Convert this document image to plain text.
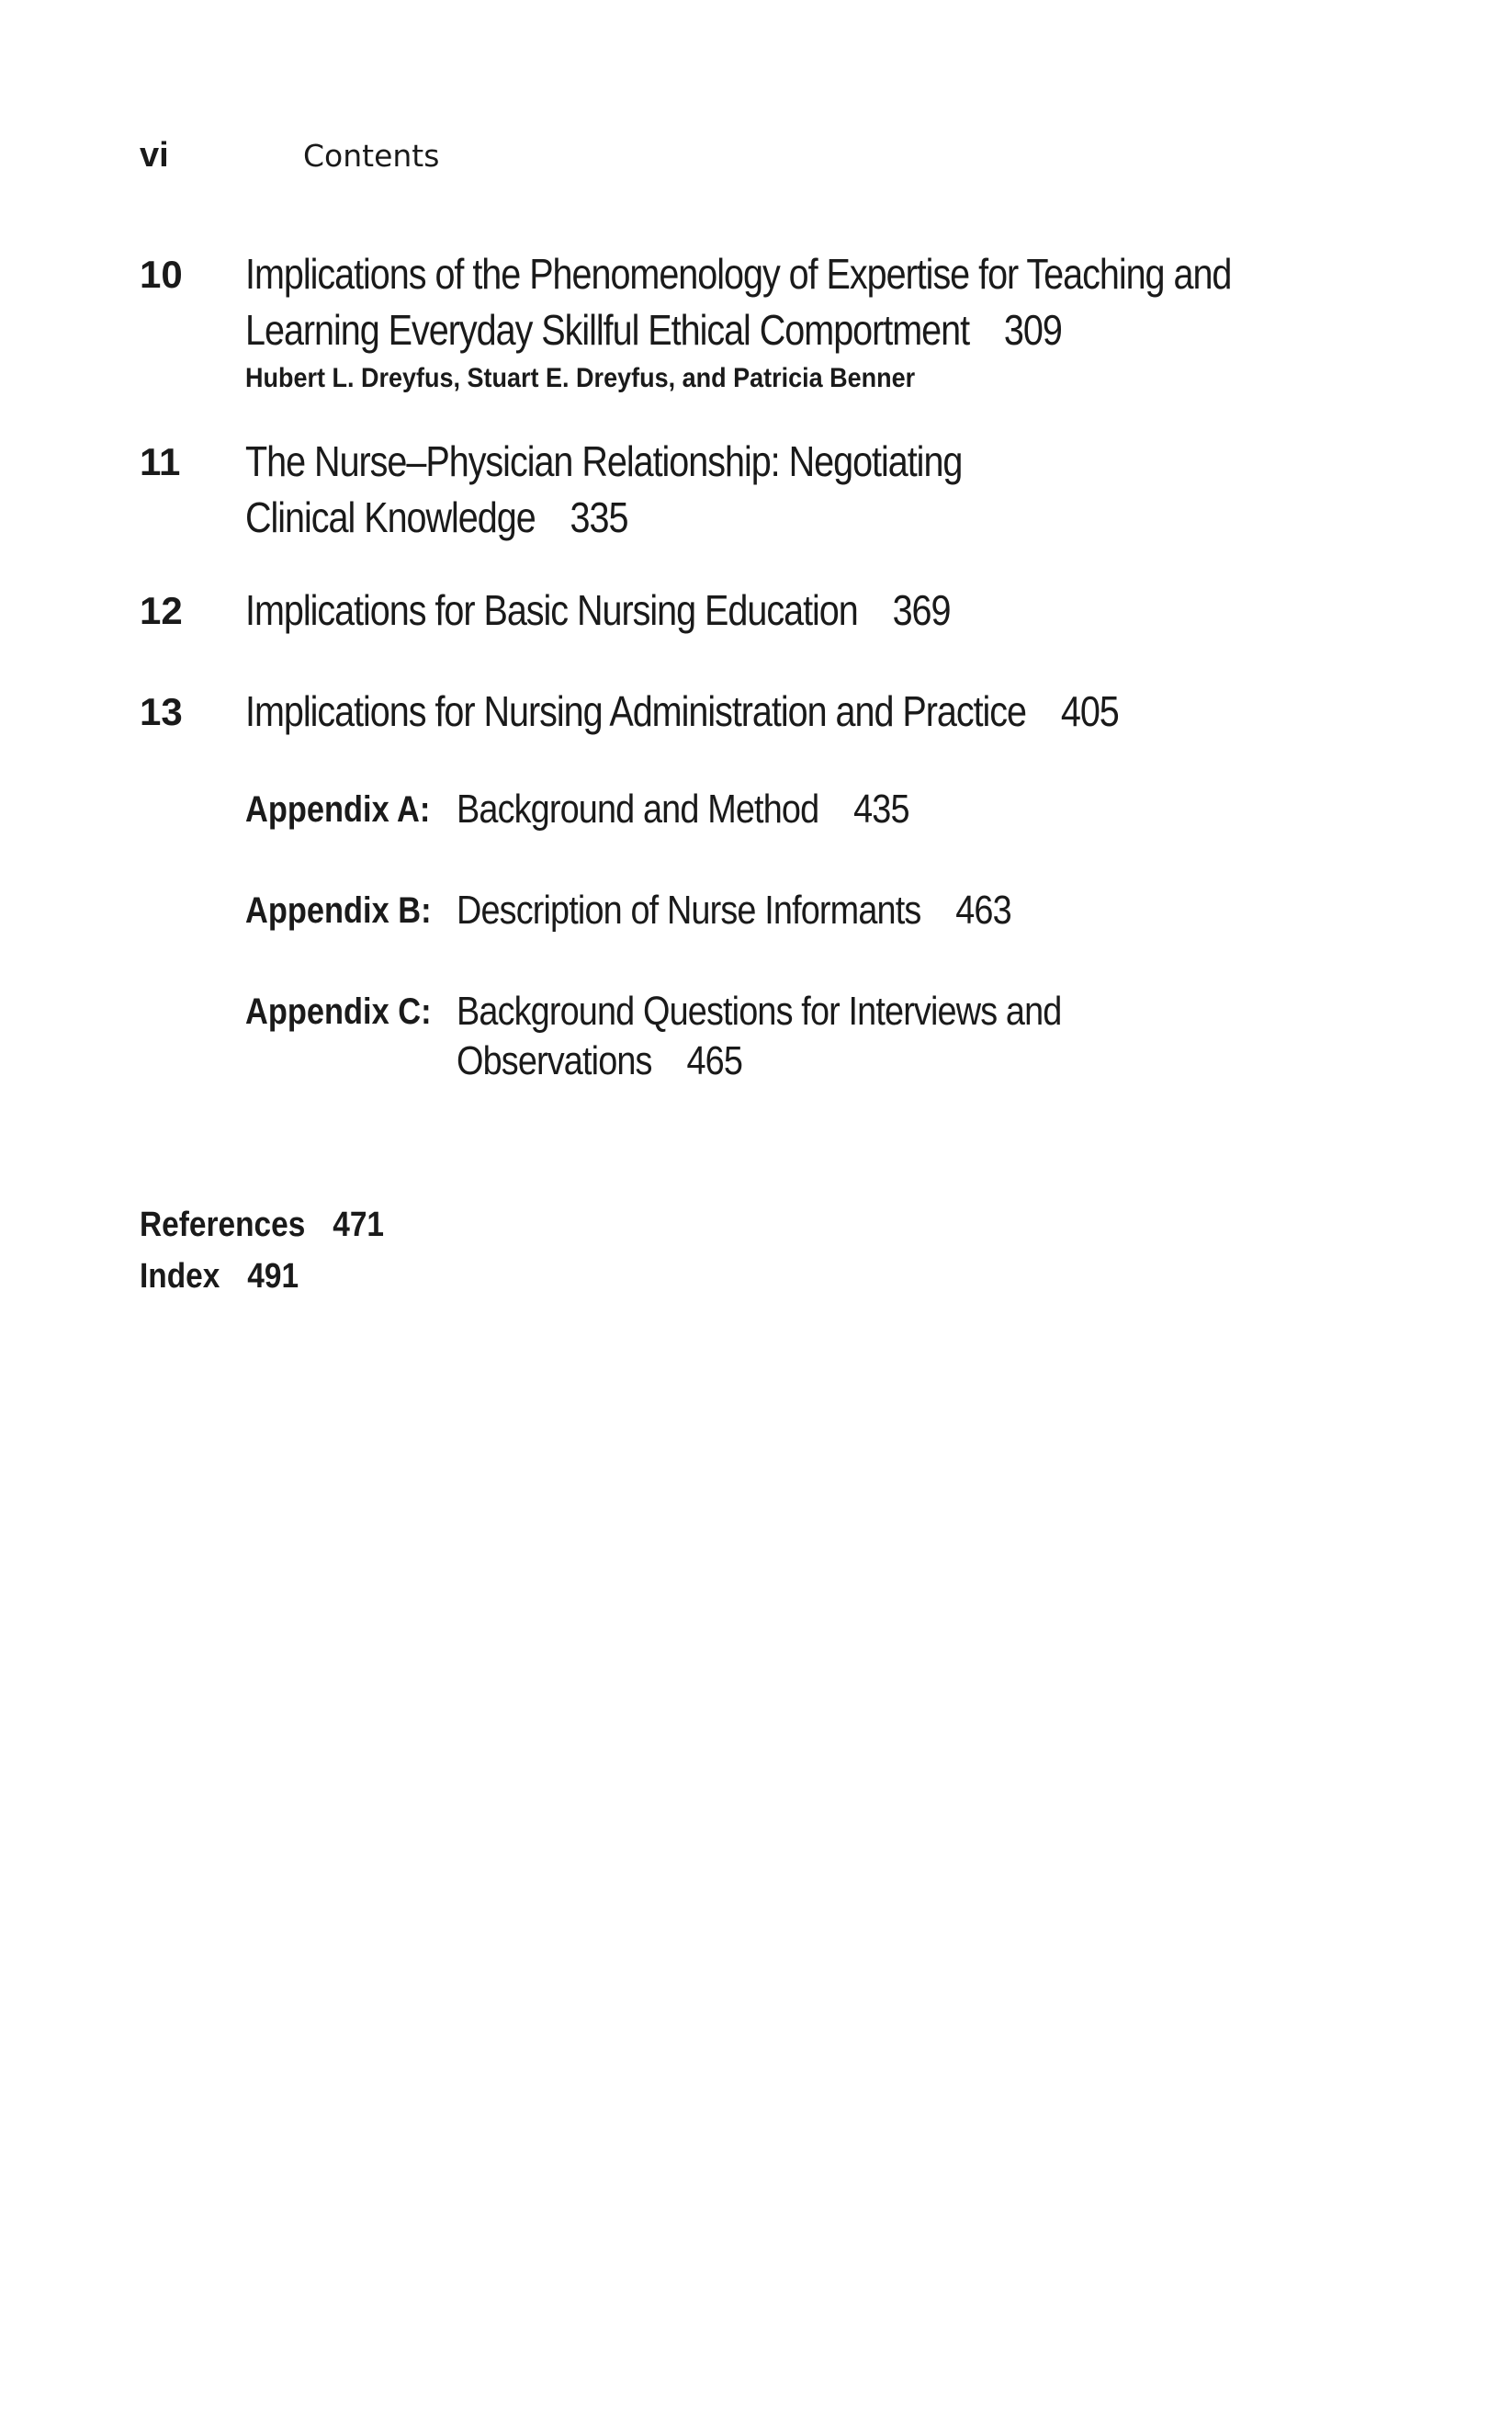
vi	Contents
10	Implications of the Phenomenology of Expertise for Teaching and
Learning Everyday Skillful Ethical Comportment 309
Hubert L. Dreyfus, Stuart E. Dreyfus, and Patricia Benner
11	The Nurse–Physician Relationship: Negotiating
Clinical Knowledge 335
12	Implications for Basic Nursing Education 369
13	Implications for Nursing Administration and Practice 405
Appendix A: Background and Method 435
Appendix B: Description of Nurse Informants 463
Appendix C: Background Questions for Interviews and
Observations 465
References 471
Index 491
